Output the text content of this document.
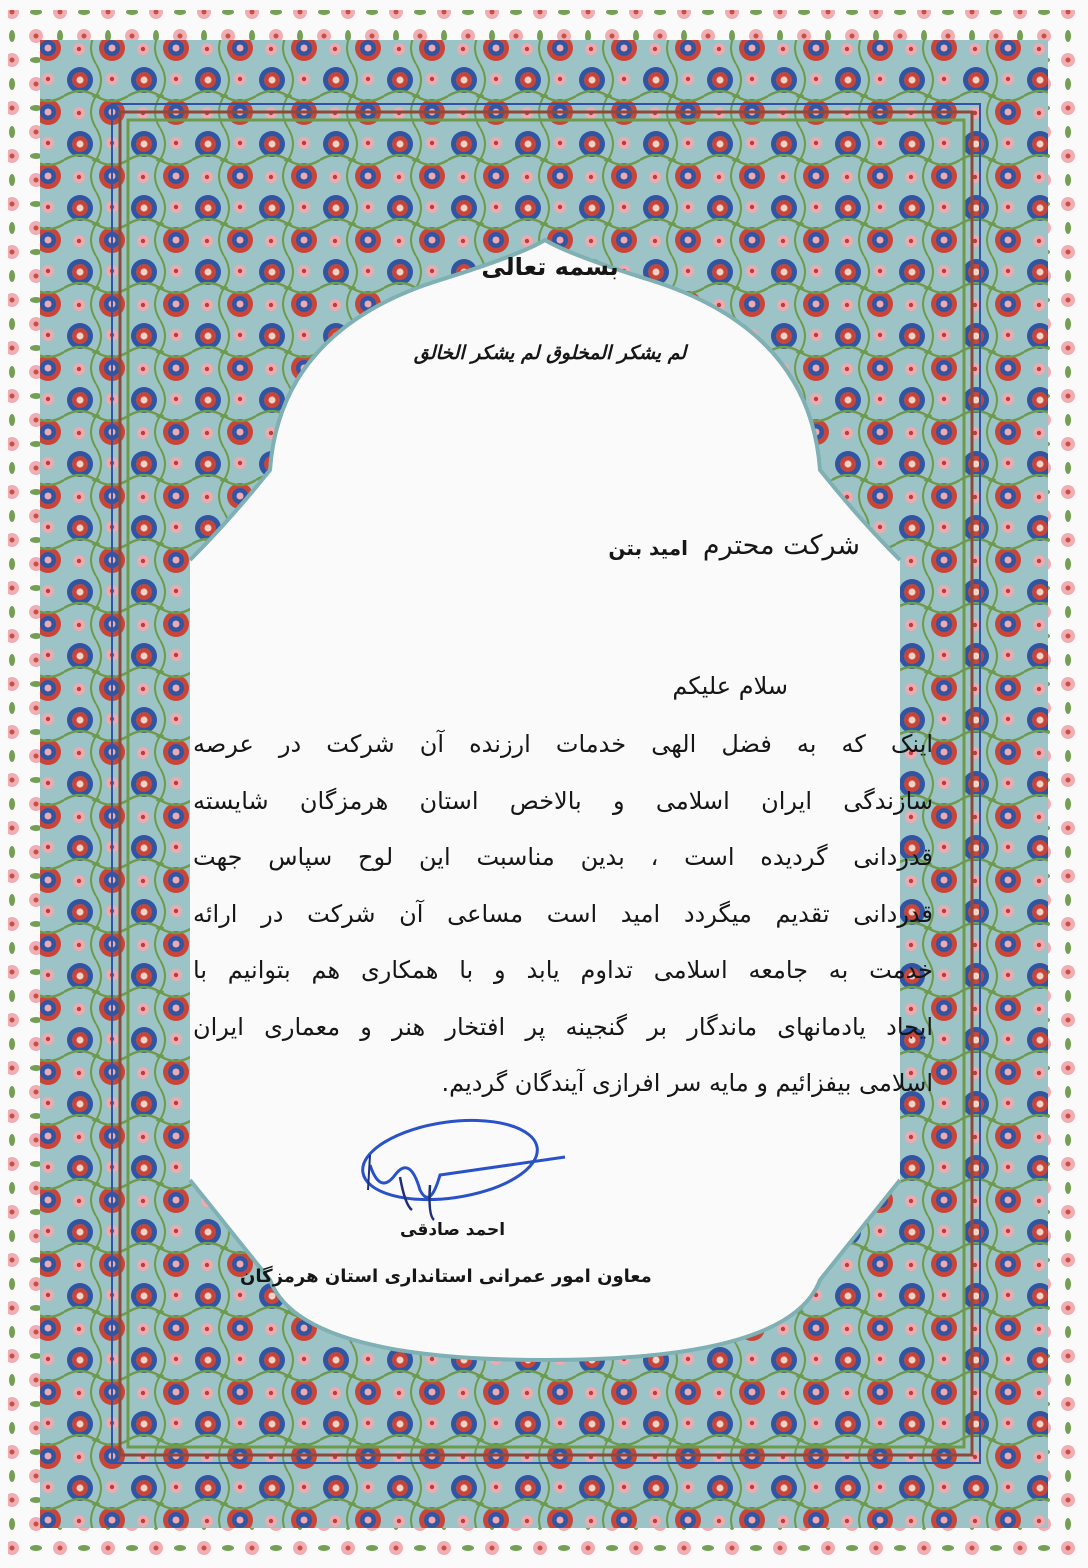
بسمه تعالی
لم یشکر المخلوق لم یشکر الخالق
شرکت محترم
امید بتن
سلام علیکم
اینک که به فضل الهی خدمات ارزنده آن شرکت در عرصه
سازندگی ایران اسلامی و بالاخص استان هرمزگان شایسته
قدردانی گردیده است ، بدین مناسبت این لوح سپاس جهت
قدردانی تقدیم میگردد امید است مساعی آن شرکت در ارائه
خدمت به جامعه اسلامی تداوم یابد و با همکاری هم بتوانیم با
ایجاد یادمانهای ماندگار بر گنجینه پر افتخار هنر و معماری ایران
اسلامی بیفزائیم و مایه سر افرازی آیندگان گردیم.
احمد صادقی
معاون امور عمرانی استانداری استان هرمزگان
